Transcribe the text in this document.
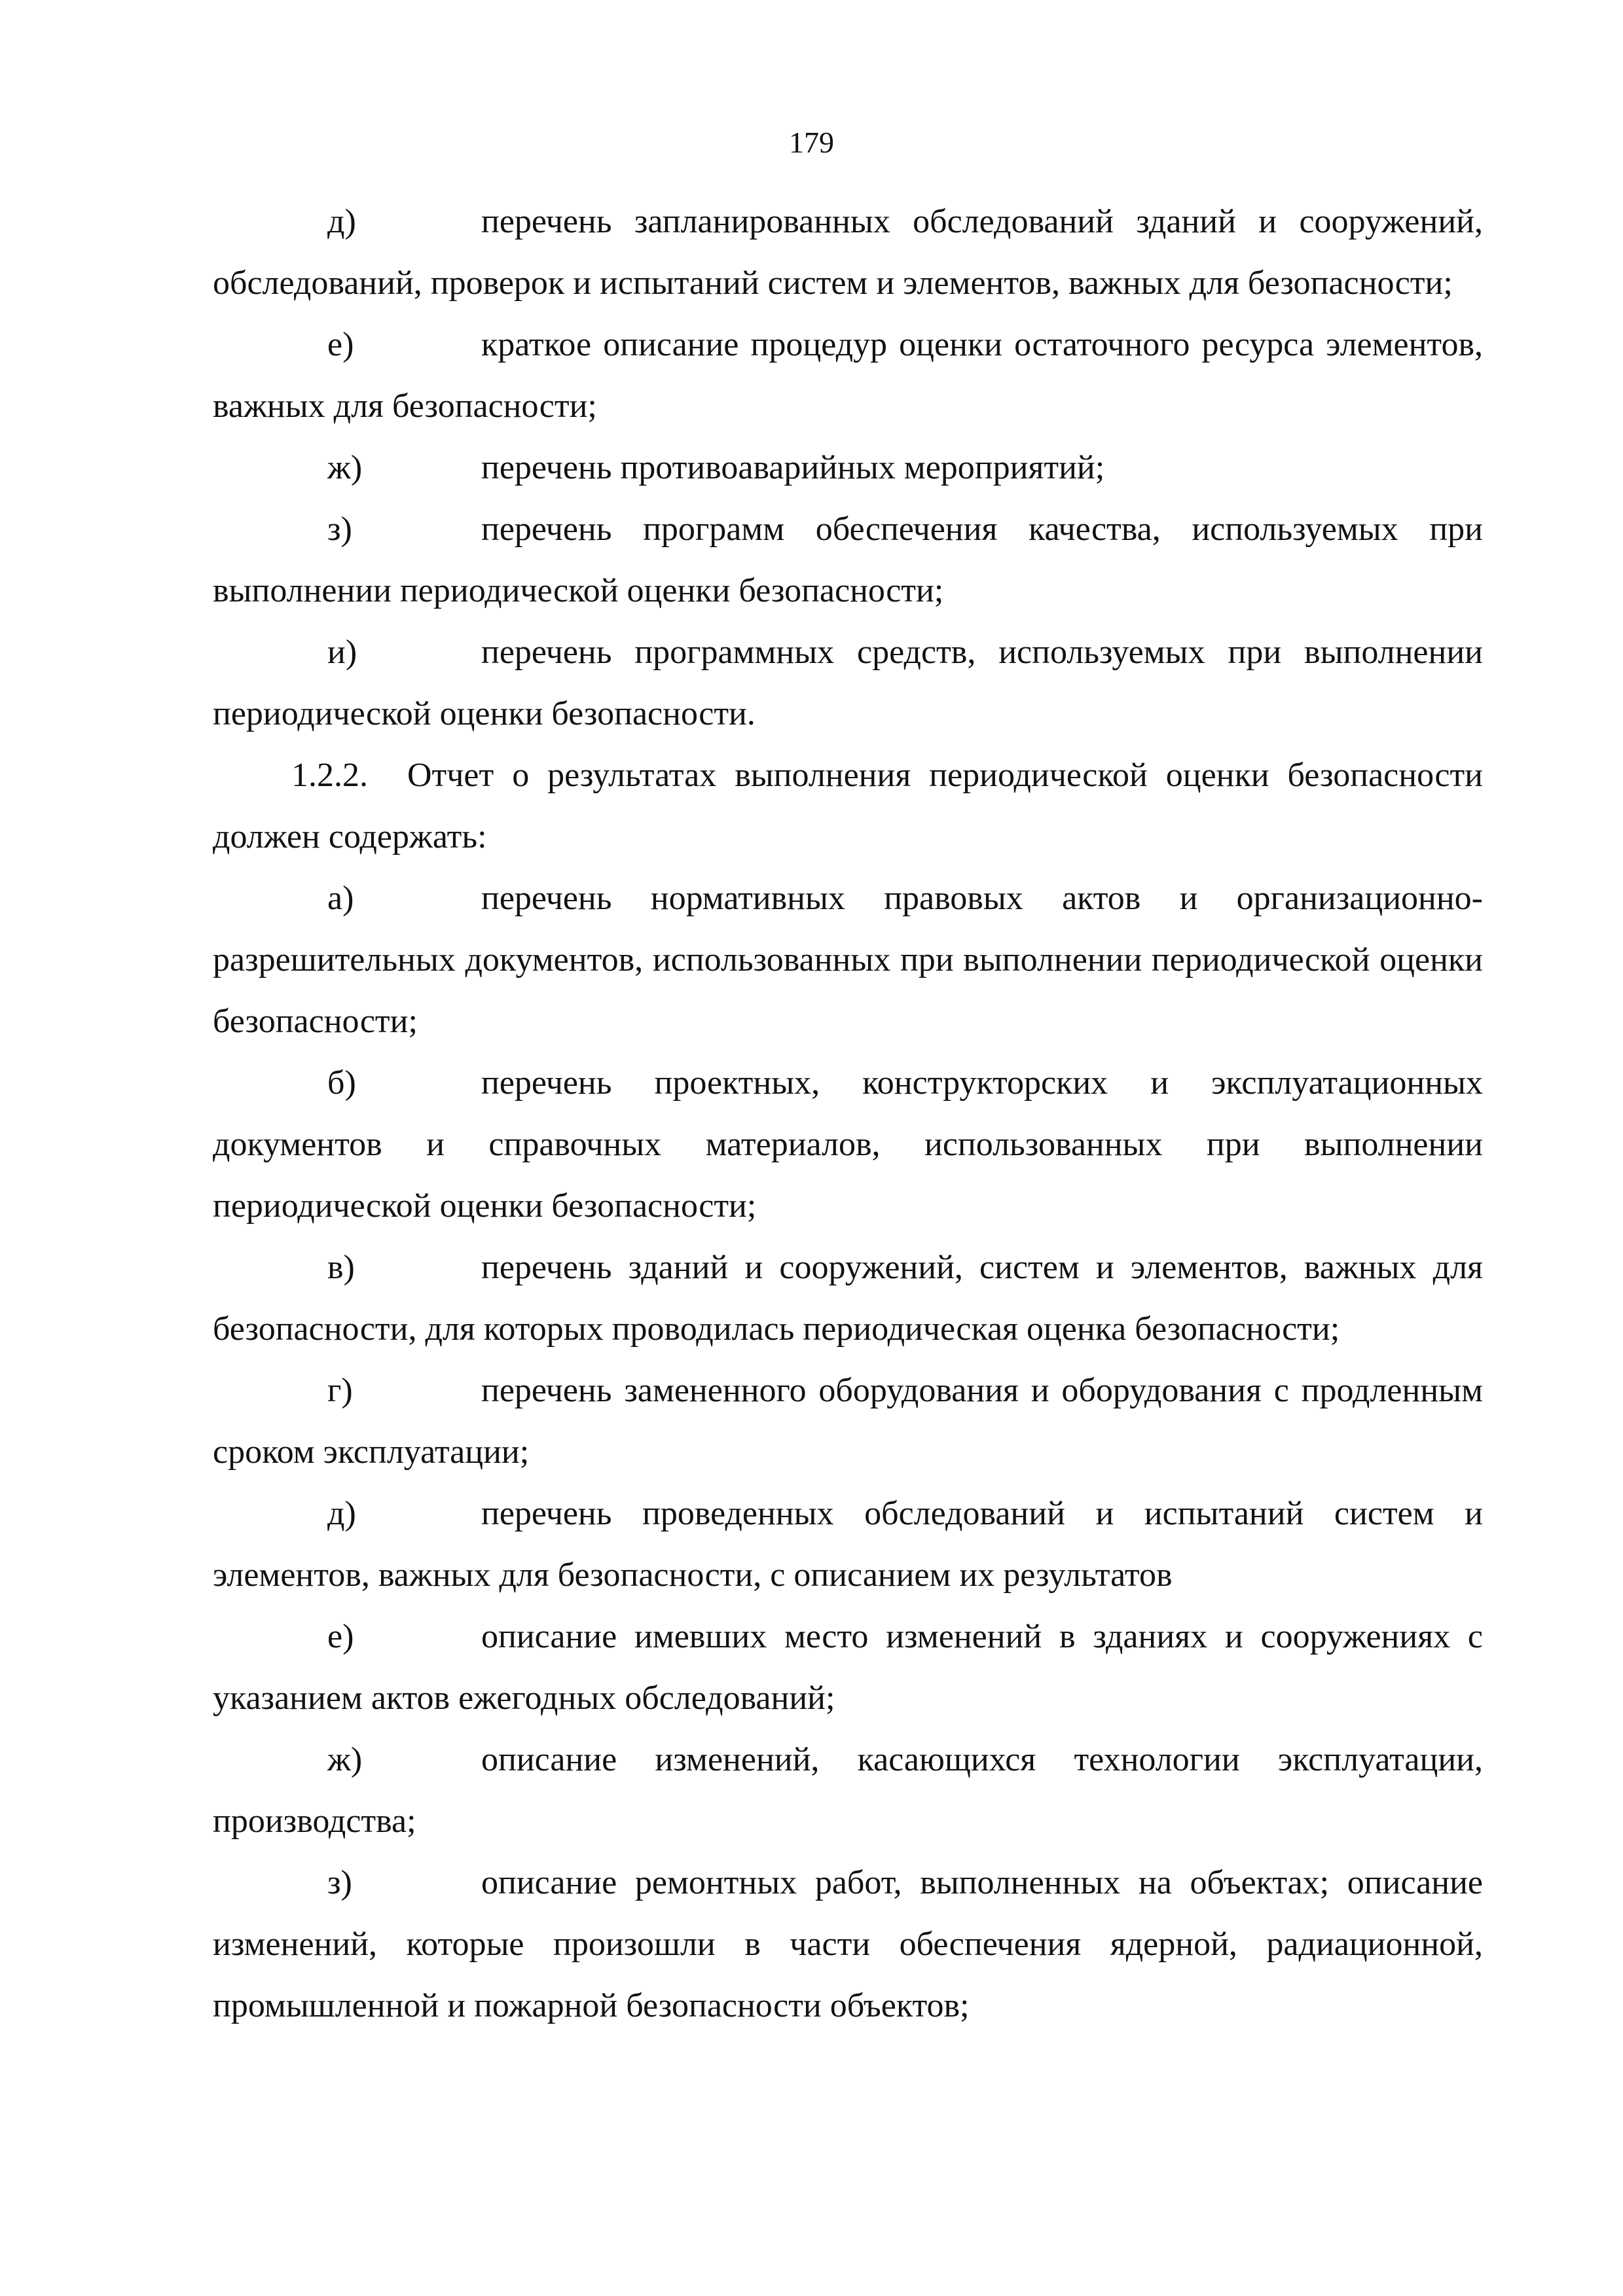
179

д)	перечень запланированных обследований зданий и сооружений, обследований, проверок и испытаний систем и элементов, важных для безопасности;

е)	краткое описание процедур оценки остаточного ресурса элементов, важных для безопасности;

ж)	перечень противоаварийных мероприятий;

з)	перечень программ обеспечения качества, используемых при выполнении периодической оценки безопасности;

и)	перечень программных средств, используемых при выполнении периодической оценки безопасности.

1.2.2. Отчет о результатах выполнения периодической оценки безопасности должен содержать:

а)	перечень нормативных правовых актов и организационно-разрешительных документов, использованных при выполнении периодической оценки безопасности;

б)	перечень проектных, конструкторских и эксплуатационных документов и справочных материалов, использованных при выполнении периодической оценки безопасности;

в)	перечень зданий и сооружений, систем и элементов, важных для безопасности, для которых проводилась периодическая оценка безопасности;

г)	перечень замененного оборудования и оборудования с продленным сроком эксплуатации;

д)	перечень проведенных обследований и испытаний систем и элементов, важных для безопасности, с описанием их результатов

е)	описание имевших место изменений в зданиях и сооружениях с указанием актов ежегодных обследований;

ж)	описание изменений, касающихся технологии эксплуатации, производства;

з)	описание ремонтных работ, выполненных на объектах; описание изменений, которые произошли в части обеспечения ядерной, радиационной, промышленной и пожарной безопасности объектов;
